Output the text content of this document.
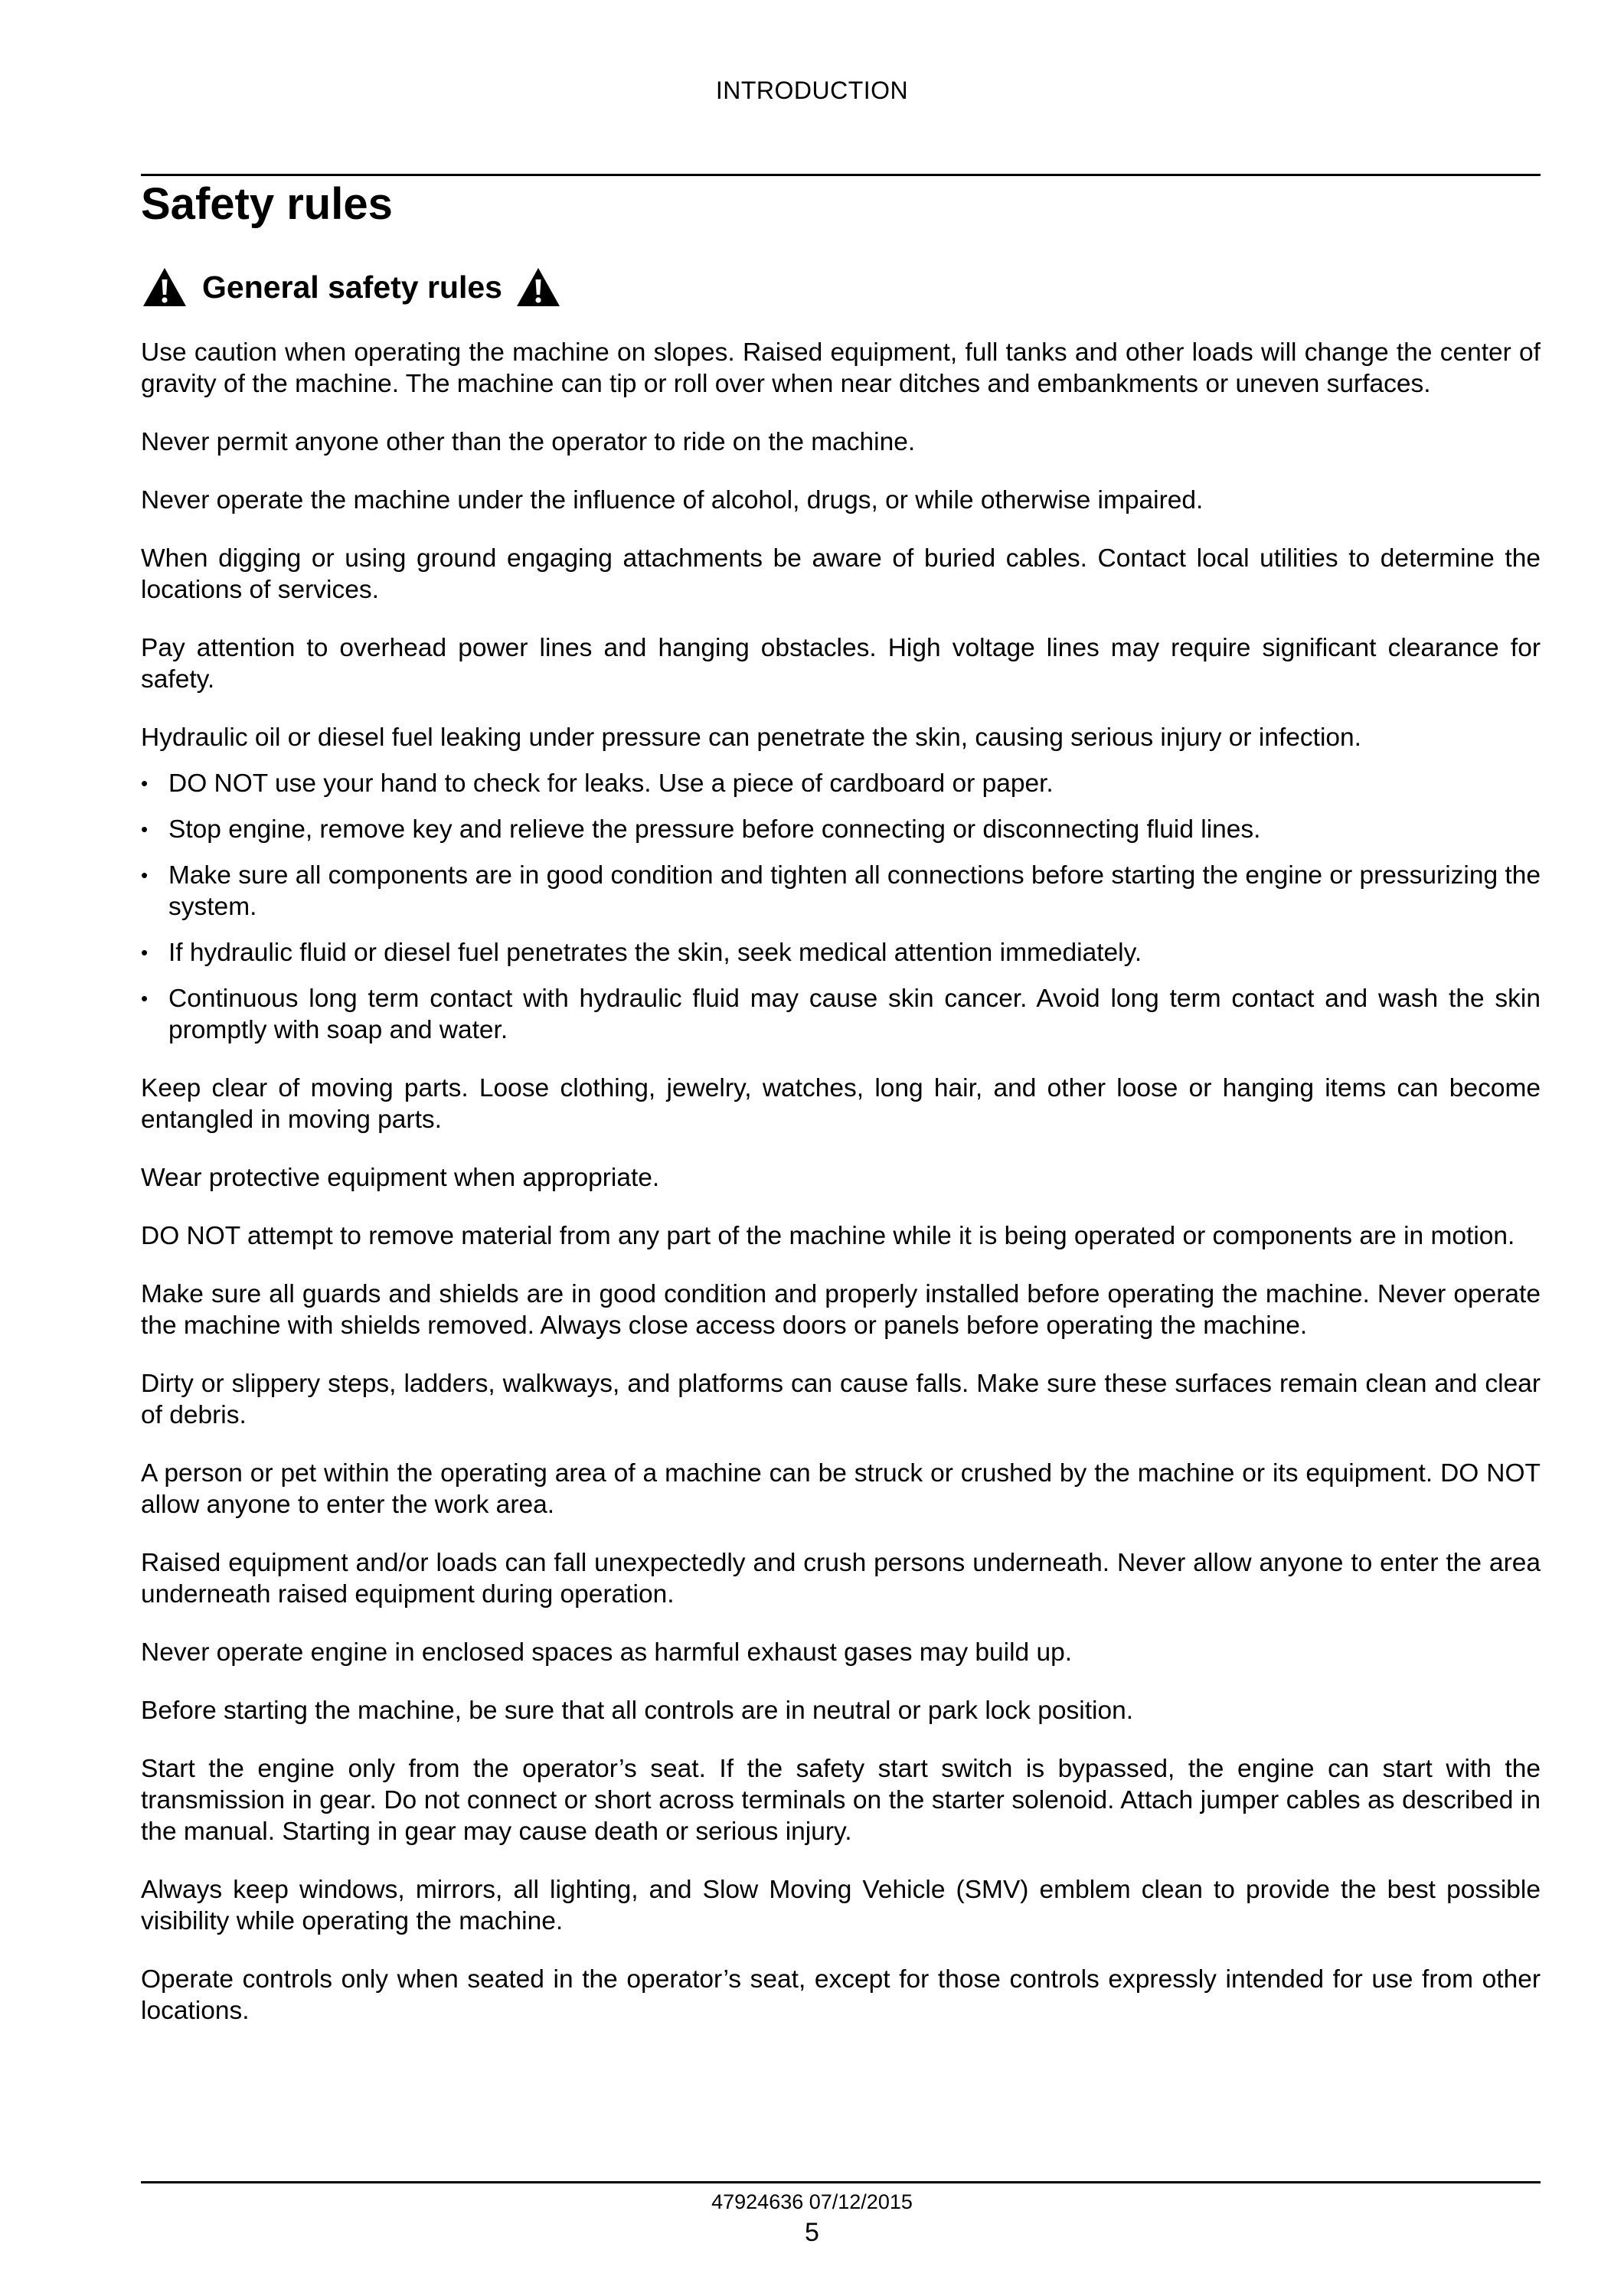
INTRODUCTION
Safety rules
General safety rules

Use caution when operating the machine on slopes. Raised equipment, full tanks and other loads will change the center of gravity of the machine. The machine can tip or roll over when near ditches and embankments or uneven surfaces.

Never permit anyone other than the operator to ride on the machine.

Never operate the machine under the influence of alcohol, drugs, or while otherwise impaired.

When digging or using ground engaging attachments be aware of buried cables. Contact local utilities to determine the locations of services.

Pay attention to overhead power lines and hanging obstacles. High voltage lines may require significant clearance for safety.

Hydraulic oil or diesel fuel leaking under pressure can penetrate the skin, causing serious injury or infection.

• DO NOT use your hand to check for leaks. Use a piece of cardboard or paper.
• Stop engine, remove key and relieve the pressure before connecting or disconnecting fluid lines.
• Make sure all components are in good condition and tighten all connections before starting the engine or pressurizing the system.
• If hydraulic fluid or diesel fuel penetrates the skin, seek medical attention immediately.
• Continuous long term contact with hydraulic fluid may cause skin cancer. Avoid long term contact and wash the skin promptly with soap and water.

Keep clear of moving parts. Loose clothing, jewelry, watches, long hair, and other loose or hanging items can become entangled in moving parts.

Wear protective equipment when appropriate.

DO NOT attempt to remove material from any part of the machine while it is being operated or components are in motion.

Make sure all guards and shields are in good condition and properly installed before operating the machine. Never operate the machine with shields removed. Always close access doors or panels before operating the machine.

Dirty or slippery steps, ladders, walkways, and platforms can cause falls. Make sure these surfaces remain clean and clear of debris.

A person or pet within the operating area of a machine can be struck or crushed by the machine or its equipment. DO NOT allow anyone to enter the work area.

Raised equipment and/or loads can fall unexpectedly and crush persons underneath. Never allow anyone to enter the area underneath raised equipment during operation.

Never operate engine in enclosed spaces as harmful exhaust gases may build up.

Before starting the machine, be sure that all controls are in neutral or park lock position.

Start the engine only from the operator’s seat. If the safety start switch is bypassed, the engine can start with the transmission in gear. Do not connect or short across terminals on the starter solenoid. Attach jumper cables as described in the manual. Starting in gear may cause death or serious injury.

Always keep windows, mirrors, all lighting, and Slow Moving Vehicle (SMV) emblem clean to provide the best possible visibility while operating the machine.

Operate controls only when seated in the operator’s seat, except for those controls expressly intended for use from other locations.

47924636 07/12/2015
5
